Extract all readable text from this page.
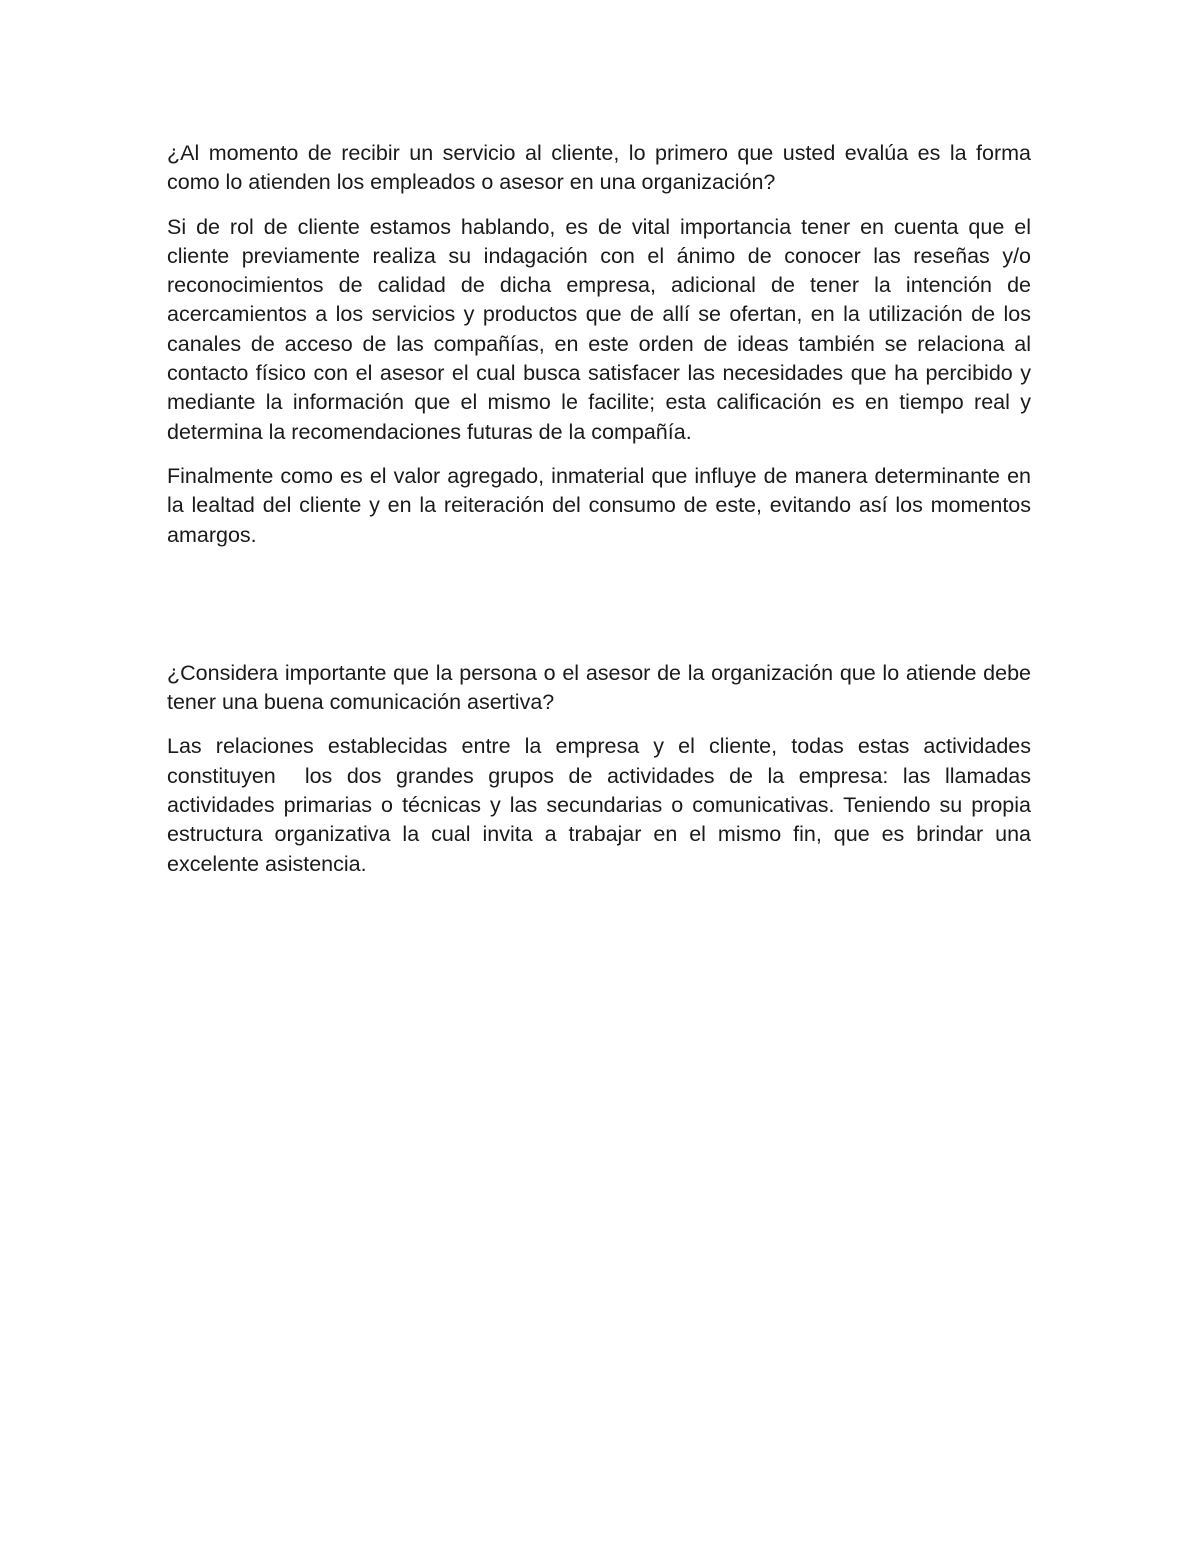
¿Al momento de recibir un servicio al cliente, lo primero que usted evalúa es la forma como lo atienden los empleados o asesor en una organización?

Si de rol de cliente estamos hablando, es de vital importancia tener en cuenta que el cliente previamente realiza su indagación con el ánimo de conocer las reseñas y/o reconocimientos de calidad de dicha empresa, adicional de tener la intención de acercamientos a los servicios y productos que de allí se ofertan, en la utilización de los canales de acceso de las compañías, en este orden de ideas también se relaciona al contacto físico con el asesor el cual busca satisfacer las necesidades que ha percibido y mediante la información que el mismo le facilite; esta calificación es en tiempo real y determina la recomendaciones futuras de la compañía.

Finalmente como es el valor agregado, inmaterial que influye de manera determinante en la lealtad del cliente y en la reiteración del consumo de este, evitando así los momentos amargos.

¿Considera importante que la persona o el asesor de la organización que lo atiende debe tener una buena comunicación asertiva?

Las relaciones establecidas entre la empresa y el cliente, todas estas actividades constituyen  los dos grandes grupos de actividades de la empresa: las llamadas actividades primarias o técnicas y las secundarias o comunicativas. Teniendo su propia estructura organizativa la cual invita a trabajar en el mismo fin, que es brindar una excelente asistencia.
